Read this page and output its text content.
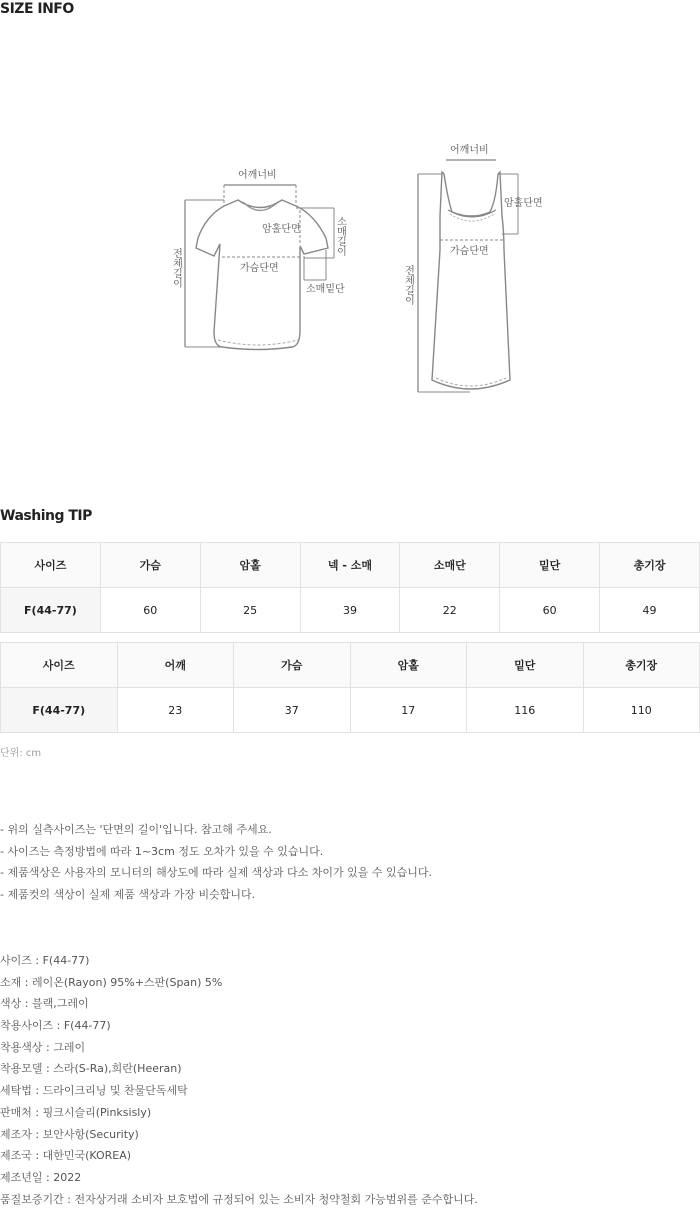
SIZE INFO
어깨너비
암홀단면
가슴단면
소매밑단
소매길이
전체길이
어깨너비
암홀단면
가슴단면
전체길이
Washing TIP
사이즈	가슴	암홀	넥 - 소매	소매단	밑단	총기장
F(44-77)	60	25	39	22	60	49
사이즈	어깨	가슴	암홀	밑단	총기장
F(44-77)	23	37	17	116	110
단위: cm
- 위의 실측사이즈는 '단면의 길이'입니다. 참고해 주세요.
- 사이즈는 측정방법에 따라 1~3cm 정도 오차가 있을 수 있습니다.
- 제품색상은 사용자의 모니터의 해상도에 따라 실제 색상과 다소 차이가 있을 수 있습니다.
- 제품컷의 색상이 실제 제품 색상과 가장 비슷합니다.
사이즈 : F(44-77)
소재 : 레이온(Rayon) 95%+스판(Span) 5%
색상 : 블랙,그레이
착용사이즈 : F(44-77)
착용색상 : 그레이
착용모델 : 스라(S-Ra),희란(Heeran)
세탁법 : 드라이크리닝 및 찬물단독세탁
판매처 : 핑크시슬리(Pinksisly)
제조자 : 보안사항(Security)
제조국 : 대한민국(KOREA)
제조년일 : 2022
품질보증기간 : 전자상거래 소비자 보호법에 규정되어 있는 소비자 청약철회 가능범위를 준수합니다.
